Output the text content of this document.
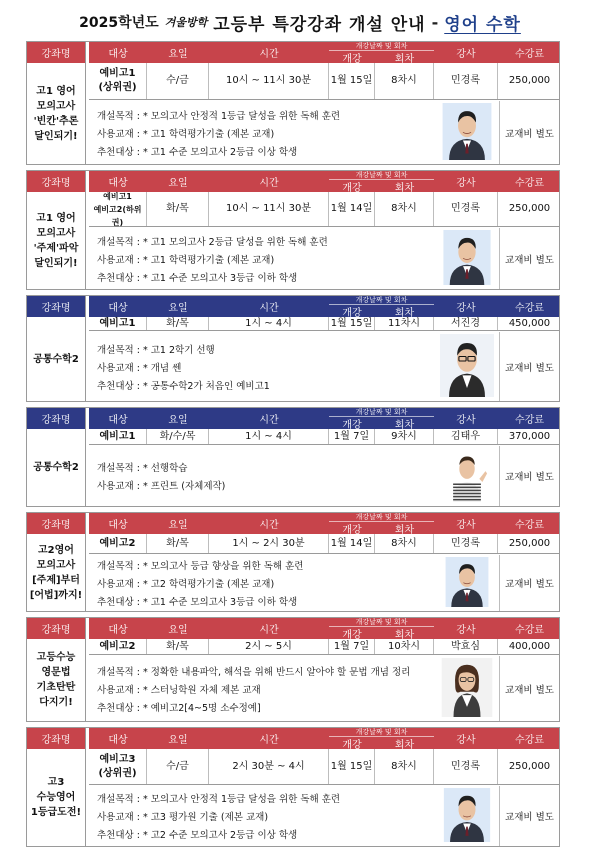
2025학년도 겨울방학 고등부 특강강좌 개설 안내 - 영어 수학
강좌명
고1 영어
모의고사
'빈칸'추론
달인되기!
대상	요일	시간
개강날짜 및 회차
개강	회차	강사	수강료
예비고1
(상위권)
수/금	10시 ~ 11시 30분	1월 15일	8차시	민경록	250,000
개설목적 : * 모의고사 안정적 1등급 달성을 위한 독해 훈련
사용교재 : * 고1 학력평가기출 (제본 교재)
추천대상 : * 고1 수준 모의고사 2등급 이상 학생
교재비 별도
강좌명
고1 영어
모의고사
'주제'파악
달인되기!
대상	요일	시간
개강날짜 및 회차
개강	회차	강사	수강료
예비고1
예비고2(하위권)
화/목	10시 ~ 11시 30분	1월 14일	8차시	민경록	250,000
개설목적 : * 고1 모의고사 2등급 달성을 위한 독해 훈련
사용교재 : * 고1 학력평가기출 (제본 교재)
추천대상 : * 고1 수준 모의고사 3등급 이하 학생
교재비 별도
강좌명
공통수학2
대상	요일	시간
개강날짜 및 회차
개강	회차	강사	수강료
예비고1	화/목	1시 ~ 4시	1월 15일	11차시	서진경	450,000
개설목적 : * 고1 2학기 선행
사용교재 : * 개념 쎈
추천대상 : * 공통수학2가 처음인 예비고1
교재비 별도
강좌명
공통수학2
대상	요일	시간
개강날짜 및 회차
개강	회차	강사	수강료
예비고1	화/수/목	1시 ~ 4시	1월 7일	9차시	김태우	370,000
개설목적 : * 선행학습
사용교재 : * 프린트 (자체제작)
교재비 별도
강좌명
고2영어
모의고사
[주제]부터
[어법]까지!
대상	요일	시간
개강날짜 및 회차
개강	회차	강사	수강료
예비고2	화/목	1시 ~ 2시 30분	1월 14일	8차시	민경록	250,000
개설목적 : * 모의고사 등급 향상을 위한 독해 훈련
사용교재 : * 고2 학력평가기출 (제본 교재)
추천대상 : * 고1 수준 모의고사 3등급 이하 학생
교재비 별도
강좌명
고등수능
영문법
기초탄탄
다지기!
대상	요일	시간
개강날짜 및 회차
개강	회차	강사	수강료
예비고2	화/목	2시 ~ 5시	1월 7일	10차시	박효심	400,000
개설목적 : * 정확한 내용파악, 해석을 위해 반드시 알아야 할 문법 개념 정리
사용교재 : * 스터닝학원 자체 제본 교재
추천대상 : * 예비고2[4~5명 소수정예]
교재비 별도
강좌명
고3
수능영어
1등급도전!
대상	요일	시간
개강날짜 및 회차
개강	회차	강사	수강료
예비고3
(상위권)
수/금	2시 30분 ~ 4시	1월 15일	8차시	민경록	250,000
개설목적 : * 모의고사 안정적 1등급 달성을 위한 독해 훈련
사용교재 : * 고3 평가원 기출 (제본 교재)
추천대상 : * 고2 수준 모의고사 2등급 이상 학생
교재비 별도
